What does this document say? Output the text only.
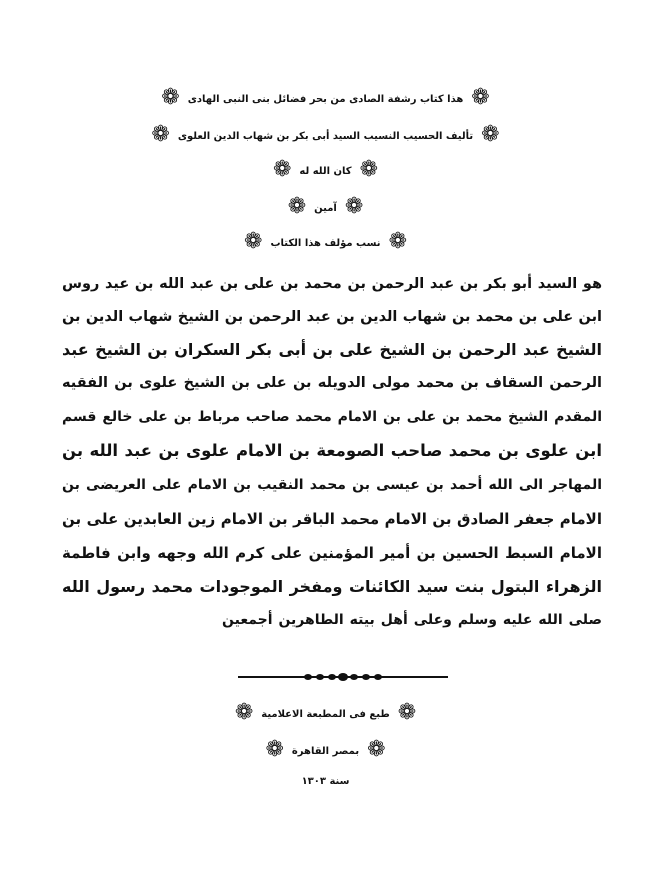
❁
هذا كتاب رشفة الصادى من بحر فضائل بنى النبى الهادى
❁
❁
تأليف الحسيب النسيب السيد أبى بكر بن شهاب الدين العلوى
❁
❁
كان الله له
❁
❁
آمين
❁
❁
نسب مؤلف هذا الكتاب
❁
هو السيد أبو بكر بن عبد الرحمن بن محمد بن على بن عبد الله بن عيد روس
ابن على بن محمد بن شهاب الدين بن عبد الرحمن بن الشيخ شهاب الدين بن
الشيخ عبد الرحمن بن الشيخ على بن أبى بكر السكران بن الشيخ عبد
الرحمن السقاف بن محمد مولى الدويله بن على بن الشيخ علوى بن الفقيه
المقدم الشيخ محمد بن على بن الامام محمد صاحب مرباط بن على خالع قسم
ابن علوى بن محمد صاحب الصومعة بن الامام علوى بن عبد الله بن
المهاجر الى الله أحمد بن عيسى بن محمد النقيب بن الامام على العريضى بن
الامام جعفر الصادق بن الامام محمد الباقر بن الامام زين العابدين على بن
الامام السبط الحسين بن أمير المؤمنين على كرم الله وجهه وابن فاطمة
الزهراء البتول بنت سيد الكائنات ومفخر الموجودات محمد رسول الله
صلى الله عليه وسلم وعلى أهل بيته الطاهرين أجمعين
❁
طبع فى المطبعة الاعلامية
❁
❁
بمصر القاهرة
❁
سنة ١٣٠٣
